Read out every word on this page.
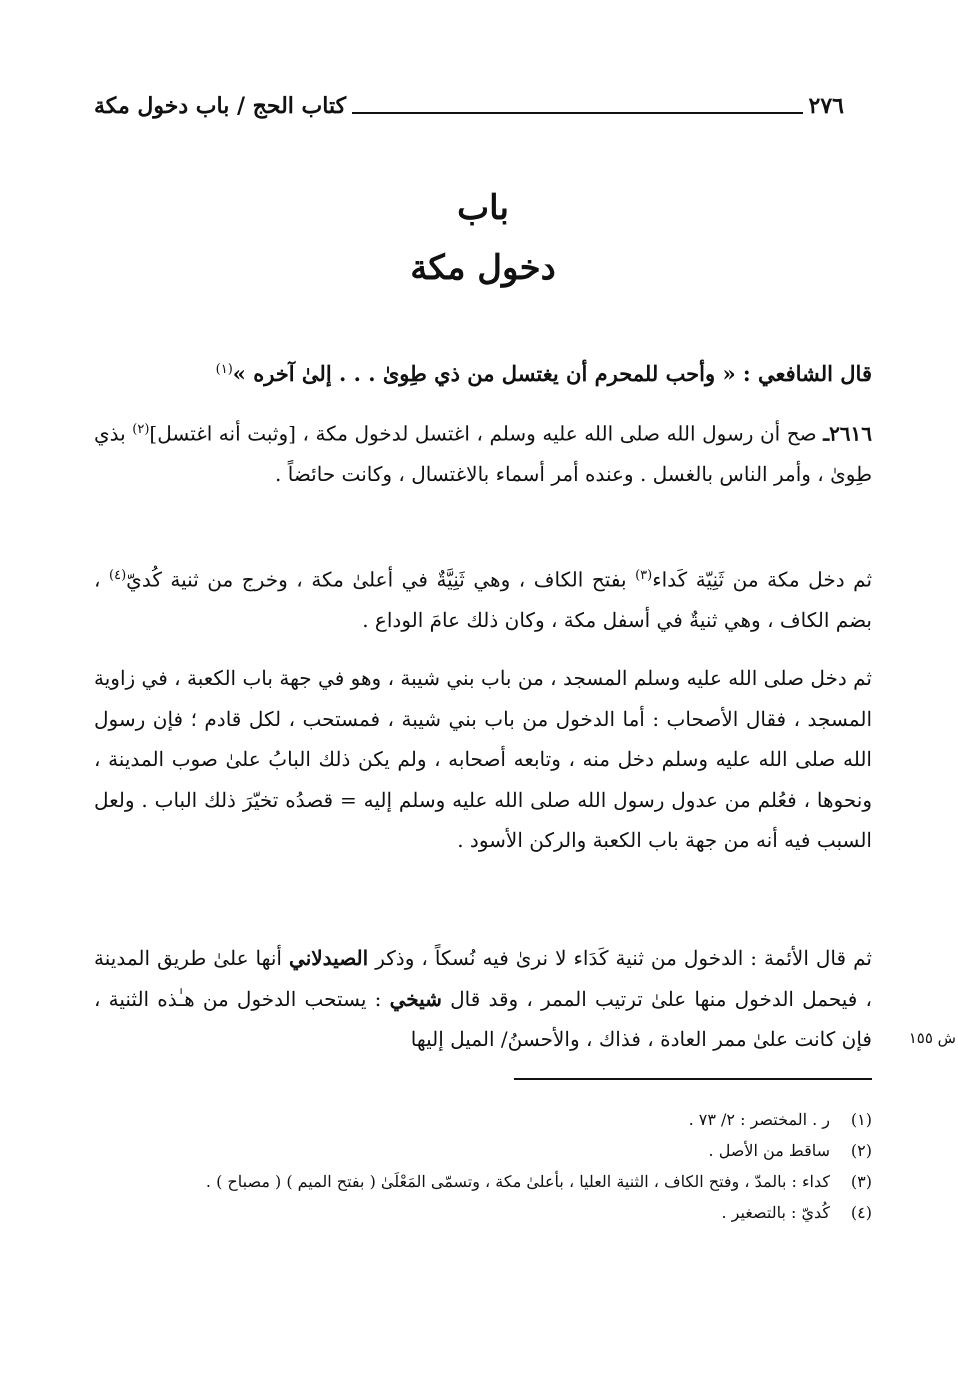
٢٧٦
كتاب الحج / باب دخول مكة
باب
دخول مكة
قال الشافعي : « وأحب للمحرم أن يغتسل من ذي طِوىٰ . . . إلىٰ آخره »$^{(١)}$
٢٦١٦ـ صح أن رسول الله صلى الله عليه وسلم ، اغتسل لدخول مكة ، [وثبت أنه اغتسل]$^{(٢)}$ بذي طِوىٰ ، وأمر الناس بالغسل . وعنده أمر أسماء بالاغتسال ، وكانت حائضاً .
ثم دخل مكة من ثَنِيّة كَداء$^{(٣)}$ بفتح الكاف ، وهي ثَنِيَّةٌ في أعلىٰ مكة ، وخرج من ثنية كُديّ$^{(٤)}$ ، بضم الكاف ، وهي ثنيةٌ في أسفل مكة ، وكان ذلك عامَ الوداع .
ثم دخل صلى الله عليه وسلم المسجد ، من باب بني شيبة ، وهو في جهة باب الكعبة ، في زاوية المسجد ، فقال الأصحاب : أما الدخول من باب بني شيبة ، فمستحب ، لكل قادم ؛ فإن رسول الله صلى الله عليه وسلم دخل منه ، وتابعه أصحابه ، ولم يكن ذلك البابُ علىٰ صوب المدينة ، ونحوها ، فعُلم من عدول رسول الله صلى الله عليه وسلم إليه = قصدُه تخيّرَ ذلك الباب . ولعل السبب فيه أنه من جهة باب الكعبة والركن الأسود .
ثم قال الأئمة : الدخول من ثنية كَدَاء لا نرىٰ فيه نُسكاً ، وذكر الصيدلاني أنها علىٰ طريق المدينة ، فيحمل الدخول منها علىٰ ترتيب الممر ، وقد قال شيخي : يستحب الدخول من هـٰذه الثنية ، فإن كانت علىٰ ممر العادة ، فذاك ، والأحسنُ/ الميل إليها	ش ١٥٥
(١)
ر . المختصر : ٢/ ٧٣ .
(٢)
ساقط من الأصل .
(٣)
كداء : بالمدّ ، وفتح الكاف ، الثنية العليا ، بأعلىٰ مكة ، وتسمّى المَعْلَىٰ ( بفتح الميم ) ( مصباح ) .
(٤)
كُديّ : بالتصغير .
